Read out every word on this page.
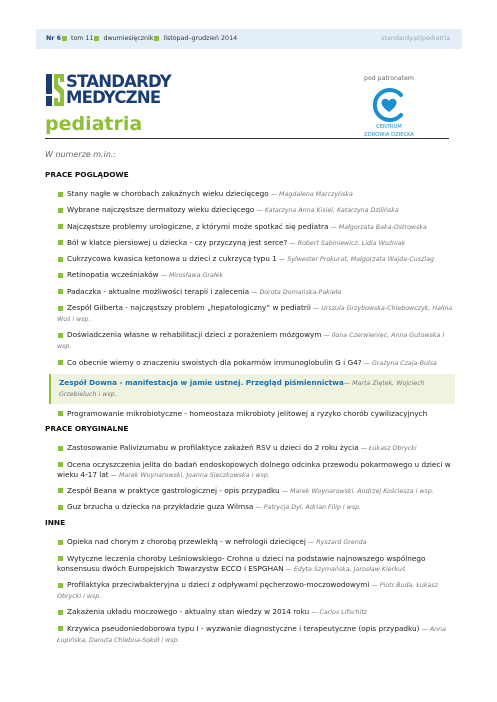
Nr 6 tom 11 dwumiesięcznik listopad–grudzień 2014	standardy.pl/pediatria
STANDARDY
MEDYCZNE
pediatria
pod patronatem
CENTRUM
ZDROWIA DZIECKA
W numerze m.in.:
PRACE POGLĄDOWE
Stany nagłe w chorobach zakaźnych wieku dziecięcego — Magdalena Marczyńska
Wybrane najczęstsze dermatozy wieku dziecięcego — Katarzyna Anna Kisiel, Katarzyna Dzilińska
Najczęstsze problemy urologiczne, z którymi może spotkać się pediatra — Małgorzata Baka-Ostrowska
Ból w klatce piersiowej u dziecka - czy przyczyną jest serce? — Robert Sabiniewicz, Lidia Woźniak
Cukrzycowa kwasica ketonowa u dzieci z cukrzycą typu 1 — Sylwester Prokurat, Małgorzata Wajda-Cuszlag
Retinopatia wcześniaków — Mirosława Grałek
Padaczka - aktualne możliwości terapii i zalecenia — Dorota Domańska-Pakieła
Zespół Gilberta - najczęstszy problem „hepatologiczny” w pediatrii — Urszula Grzybowska-Chlebowczyk, Halina Woś i wsp.
Doświadczenia własne w rehabilitacji dzieci z porażeniem mózgowym — Ilona Czerwieniec, Anna Gutowska i wsp.
Co obecnie wiemy o znaczeniu swoistych dla pokarmów immunoglobulin G i G4? — Grażyna Czaja-Bulsa
Zespół Downa - manifestacja w jamie ustnej. Przegląd piśmiennictwa— Marta Ziętek, Wojciech Grzebieluch i wsp.
Programowanie mikrobiotyczne - homeostaza mikrobioty jelitowej a ryzyko chorób cywilizacyjnych
PRACE ORYGINALNE
Zastosowanie Palivizumabu w profilaktyce zakażeń RSV u dzieci do 2 roku życia — Łukasz Obrycki
Ocena oczyszczenia jelita do badań endoskopowych dolnego odcinka przewodu pokarmowego u dzieci w wieku 4-17 lat — Marek Woynarowski, Joanna Sieczkowska i wsp.
Zespół Beana w praktyce gastrologicznej - opis przypadku — Marek Woynarowski, Andrzej Kościesza i wsp.
Guz brzucha u dziecka na przykładzie guza Wilmsa — Patrycja Dyl, Adrian Filip i wsp.
INNE
Opieka nad chorym z chorobą przewlekłą - w nefrologii dziecięcej — Ryszard Grenda
Wytyczne leczenia choroby Leśniowskiego- Crohna u dzieci na podstawie najnowszego wspólnego konsensusu dwóch Europejskich Towarzystw ECCO i ESPGHAN — Edyta Szymańska, Jarosław Kierkuś
Profilaktyka przeciwbakteryjna u dzieci z odpływami pęcherzowo-moczowodowymi — Piotr Buda, Łukasz Obrycki i wsp.
Zakażenia układu moczowego - aktualny stan wiedzy w 2014 roku — Carlos Lifschitz
Krzywica pseudoniedoborowa typu I - wyzwanie diagnostyczne i terapeutyczne (opis przypadku) — Anna Łupińska, Danuta Chlebna-Sokół i wsp.
